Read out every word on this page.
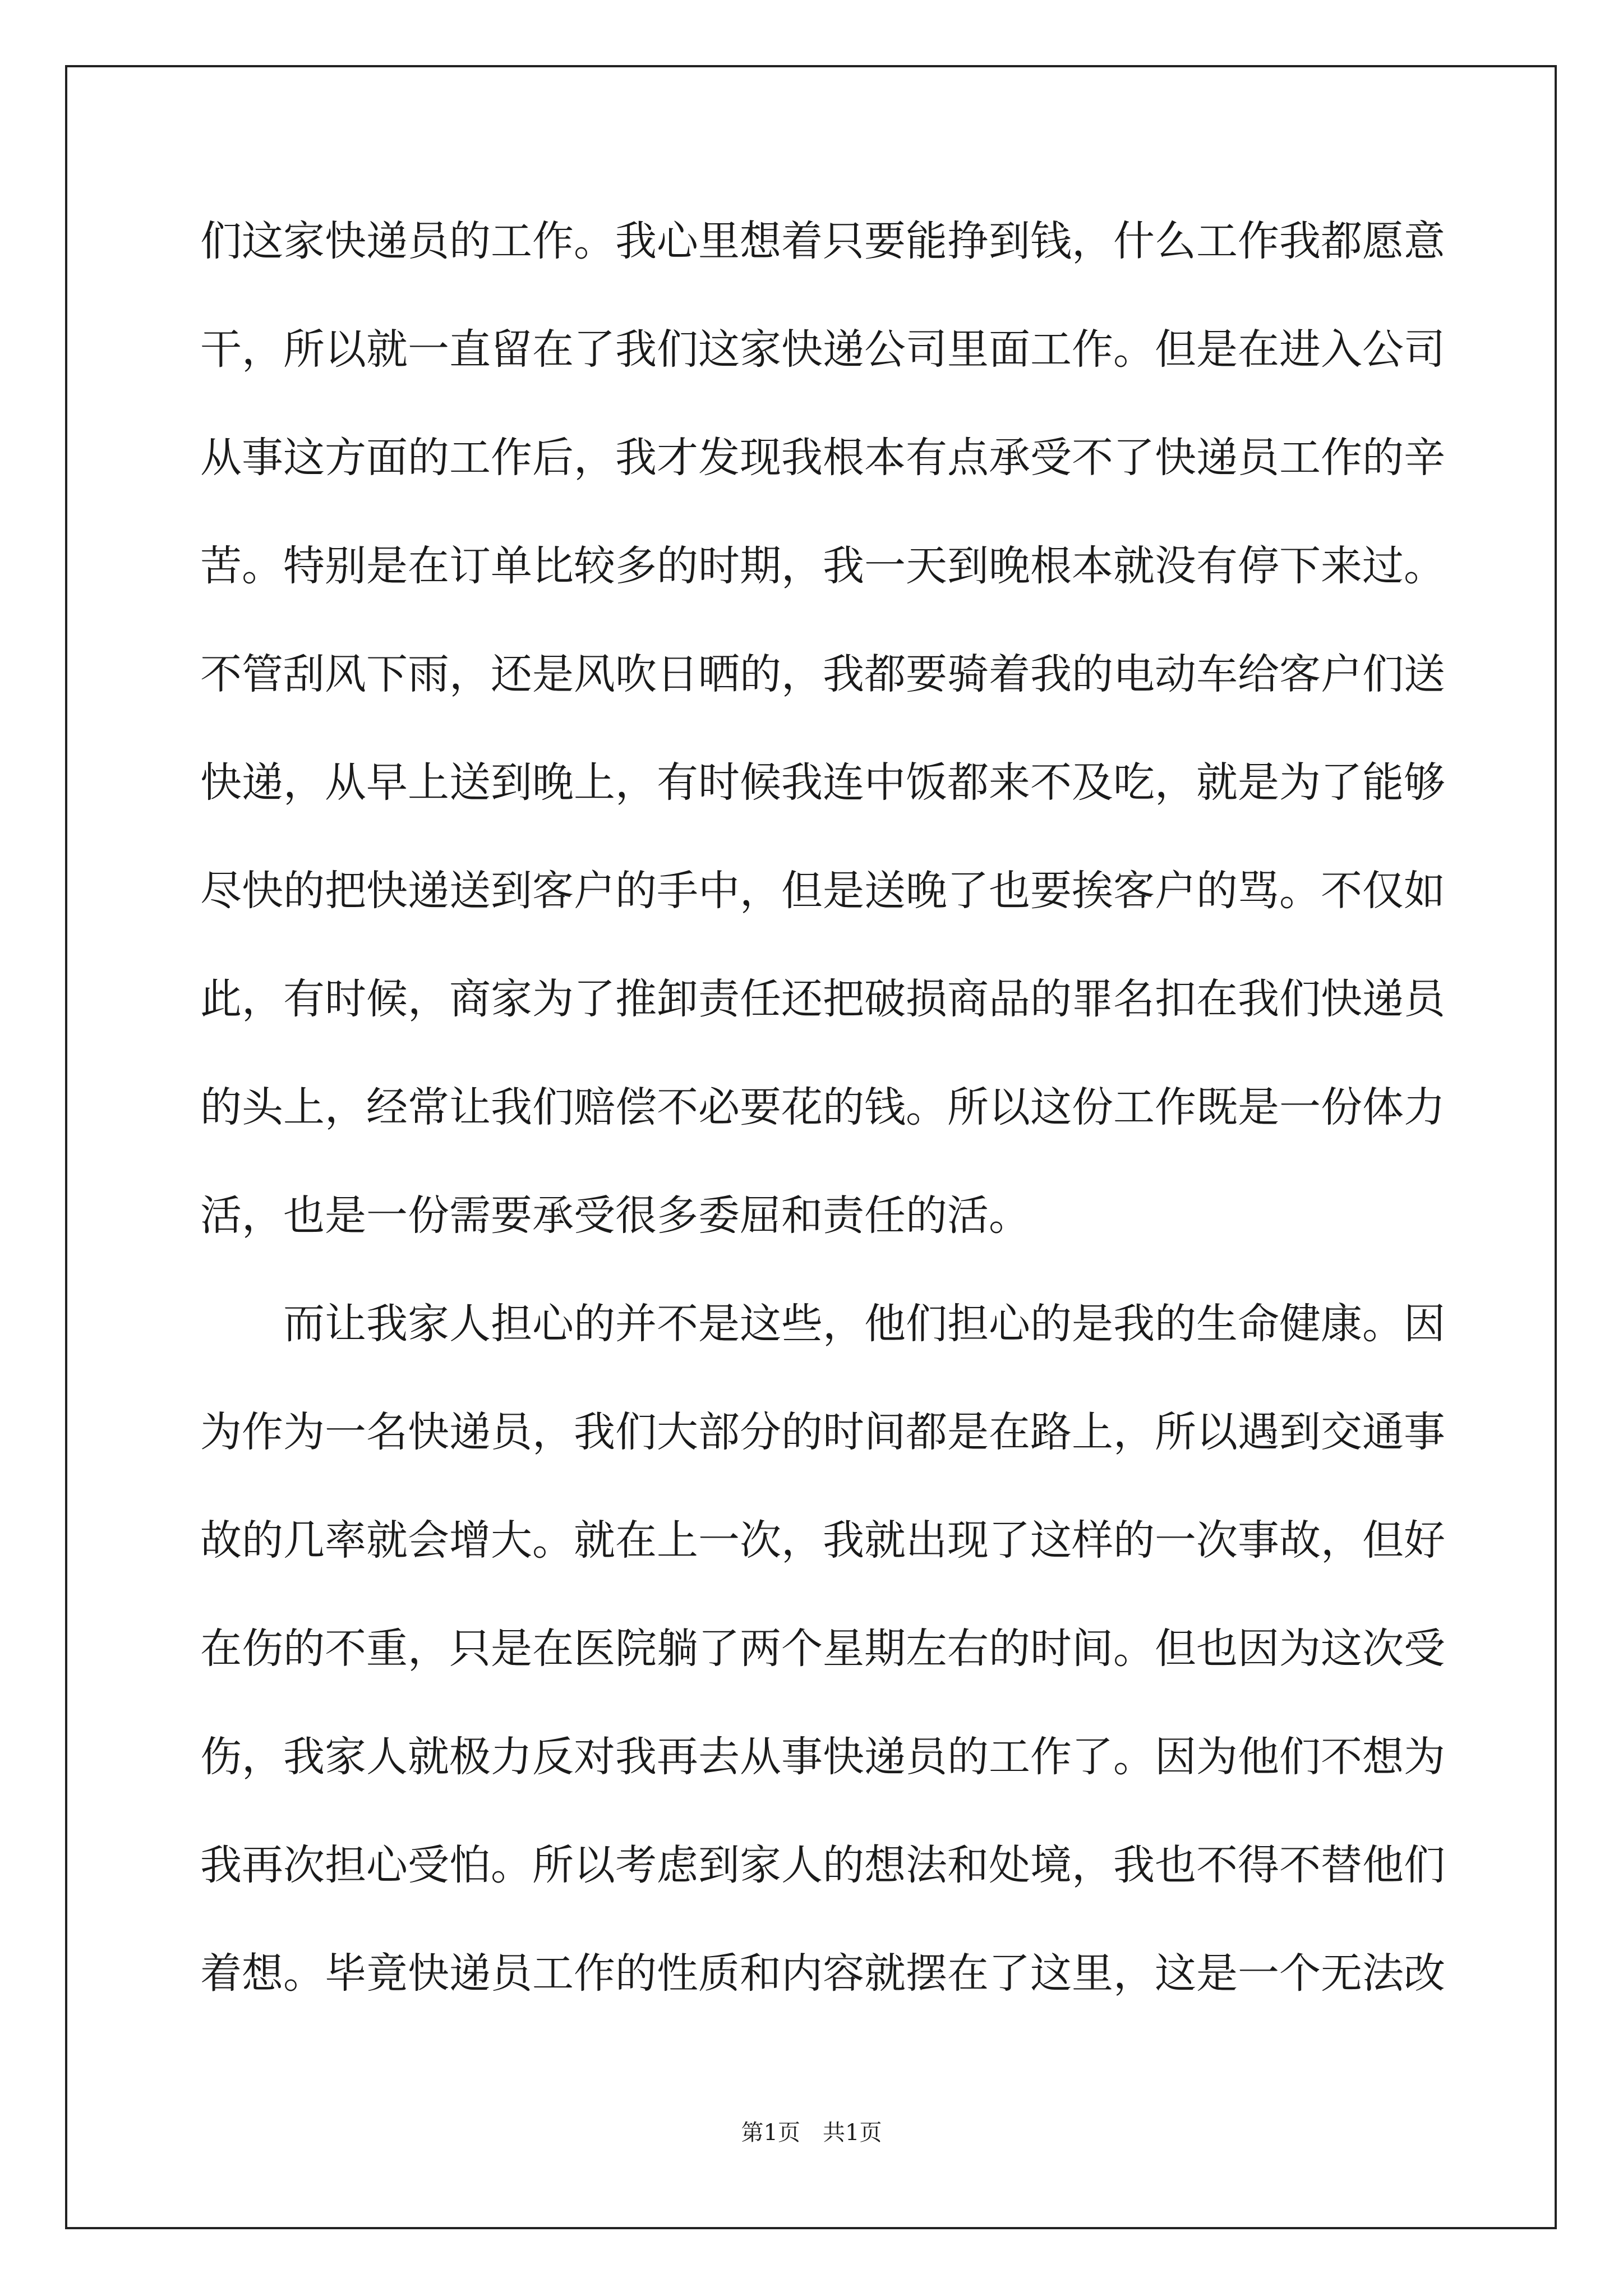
们这家快递员的工作。我心里想着只要能挣到钱，什么工作我都愿意
干，所以就一直留在了我们这家快递公司里面工作。但是在进入公司
从事这方面的工作后，我才发现我根本有点承受不了快递员工作的辛
苦。特别是在订单比较多的时期，我一天到晚根本就没有停下来过。
不管刮风下雨，还是风吹日晒的，我都要骑着我的电动车给客户们送
快递，从早上送到晚上，有时候我连中饭都来不及吃，就是为了能够
尽快的把快递送到客户的手中，但是送晚了也要挨客户的骂。不仅如
此，有时候，商家为了推卸责任还把破损商品的罪名扣在我们快递员
的头上，经常让我们赔偿不必要花的钱。所以这份工作既是一份体力
活，也是一份需要承受很多委屈和责任的活。
而让我家人担心的并不是这些，他们担心的是我的生命健康。因
为作为一名快递员，我们大部分的时间都是在路上，所以遇到交通事
故的几率就会增大。就在上一次，我就出现了这样的一次事故，但好
在伤的不重，只是在医院躺了两个星期左右的时间。但也因为这次受
伤，我家人就极力反对我再去从事快递员的工作了。因为他们不想为
我再次担心受怕。所以考虑到家人的想法和处境，我也不得不替他们
着想。毕竟快递员工作的性质和内容就摆在了这里，这是一个无法改
第1页 共1页
